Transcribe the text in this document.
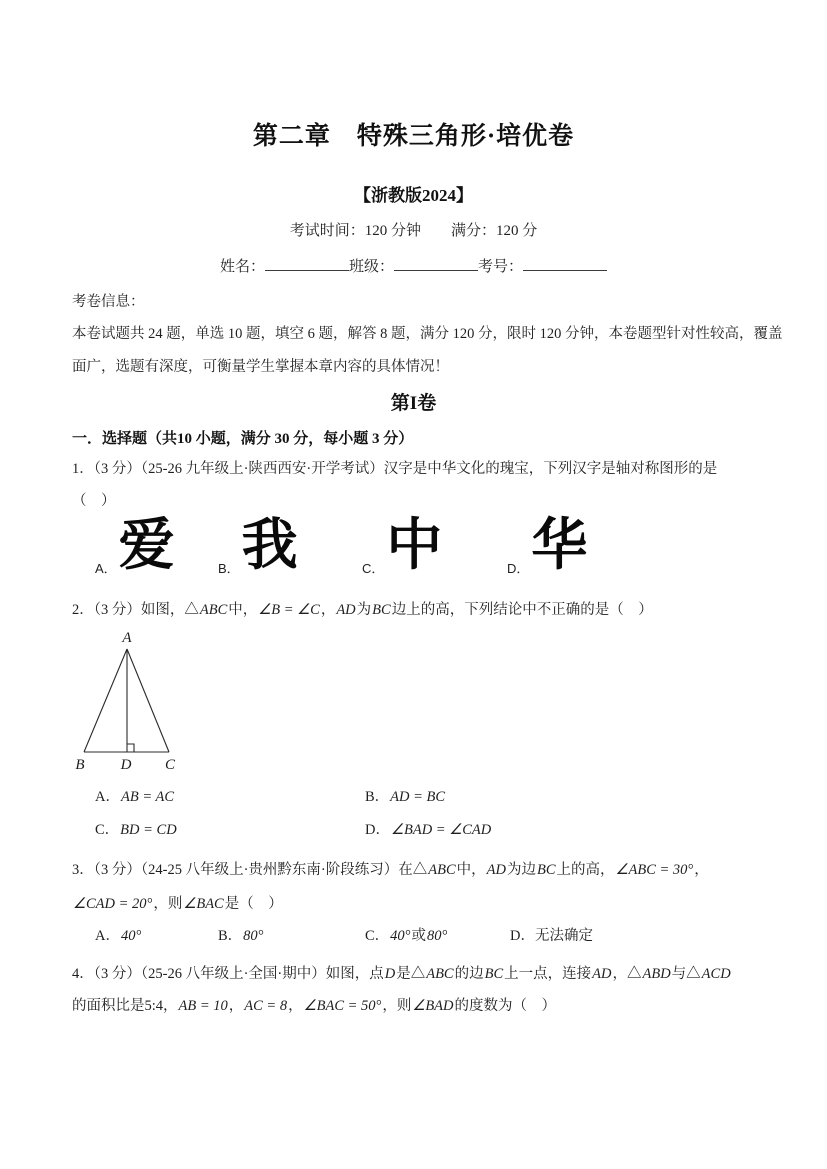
第二章　特殊三角形·培优卷
【浙教版2024】
考试时间：120 分钟 满分：120 分
姓名：	班级：	考号：
考卷信息：
本卷试题共 24 题，单选 10 题，填空 6 题，解答 8 题，满分 120 分，限时 120 分钟，本卷题型针对性较高，覆盖
面广，选题有深度，可衡量学生掌握本章内容的具体情况！
第I卷
一．选择题（共10 小题，满分 30 分，每小题 3 分）
1．（3 分）（25-26 九年级上·陕西西安·开学考试）汉字是中华文化的瑰宝，下列汉字是轴对称图形的是
（　）
A． 爱	B． 我	C． 中	D． 华
2．（3 分）如图，△ABC中，∠B = ∠C，AD为BC边上的高，下列结论中不正确的是（　）
A
B D C
A．AB = AC	B．AD = BC
C．BD = CD	D．∠BAD = ∠CAD
3．（3 分）（24-25 八年级上·贵州黔东南·阶段练习）在△ABC中，AD为边BC上的高，∠ABC = 30°，
∠CAD = 20°，则∠BAC是（　）
A．40°	B．80°	C．40°或80°	D．无法确定
4．（3 分）（25-26 八年级上·全国·期中）如图，点D是△ABC的边BC上一点，连接AD，△ABD与△ACD
的面积比是5:4，AB = 10，AC = 8，∠BAC = 50°，则∠BAD的度数为（　）
